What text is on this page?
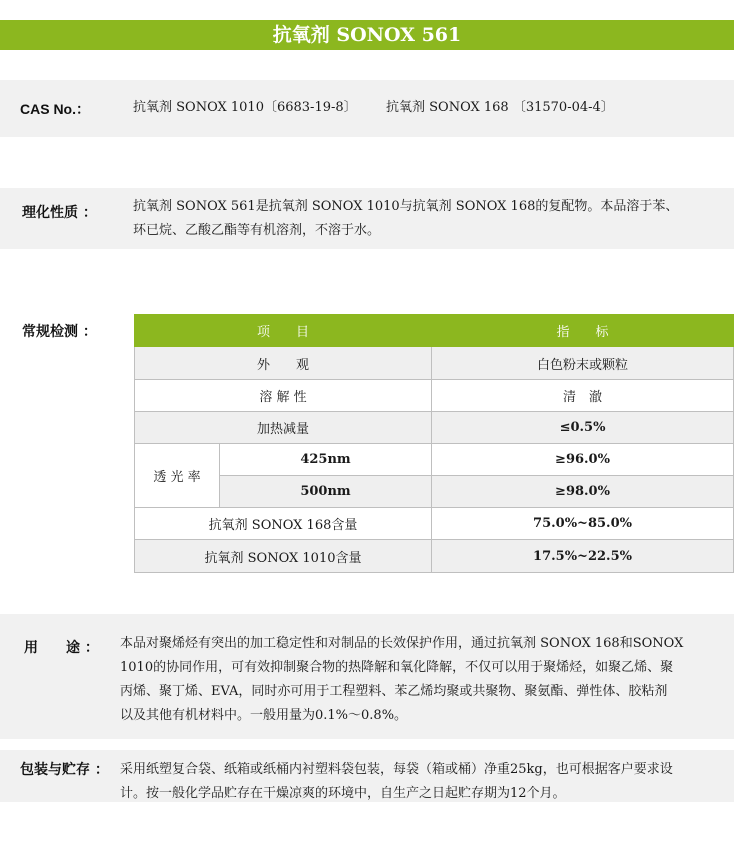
抗氧剂 SONOX 561
CAS No.：	抗氧剂 SONOX 1010〔6683-19-8〕 抗氧剂 SONOX 168 〔31570-04-4〕
理化性质 ：	抗氧剂 SONOX 561是抗氧剂 SONOX 1010与抗氧剂 SONOX 168的复配物。本品溶于苯、
环已烷、乙酸乙酯等有机溶剂，不溶于水。
常规检测 ：	项　　目		指　　标
外　　观		白色粉末或颗粒
溶 解 性		清　澈
加热减量		≤0.5%
透 光 率	425nm	≥96.0%
	500nm	≥98.0%
抗氧剂 SONOX 168含量		75.0%~85.0%
抗氧剂 SONOX 1010含量		17.5%~22.5%
用　　途 ： 本品对聚烯烃有突出的加工稳定性和对制品的长效保护作用，通过抗氧剂 SONOX 168和SONOX
1010的协同作用，可有效抑制聚合物的热降解和氧化降解，不仅可以用于聚烯烃，如聚乙烯、聚
丙烯、聚丁烯、EVA，同时亦可用于工程塑料、苯乙烯均聚或共聚物、聚氨酯、弹性体、胶粘剂
以及其他有机材料中。一般用量为0.1%～0.8%。
包装与贮存 ： 采用纸塑复合袋、纸箱或纸桶内衬塑料袋包装，每袋（箱或桶）净重25kg，也可根据客户要求设
计。按一般化学品贮存在干燥凉爽的环境中，自生产之日起贮存期为12个月。
